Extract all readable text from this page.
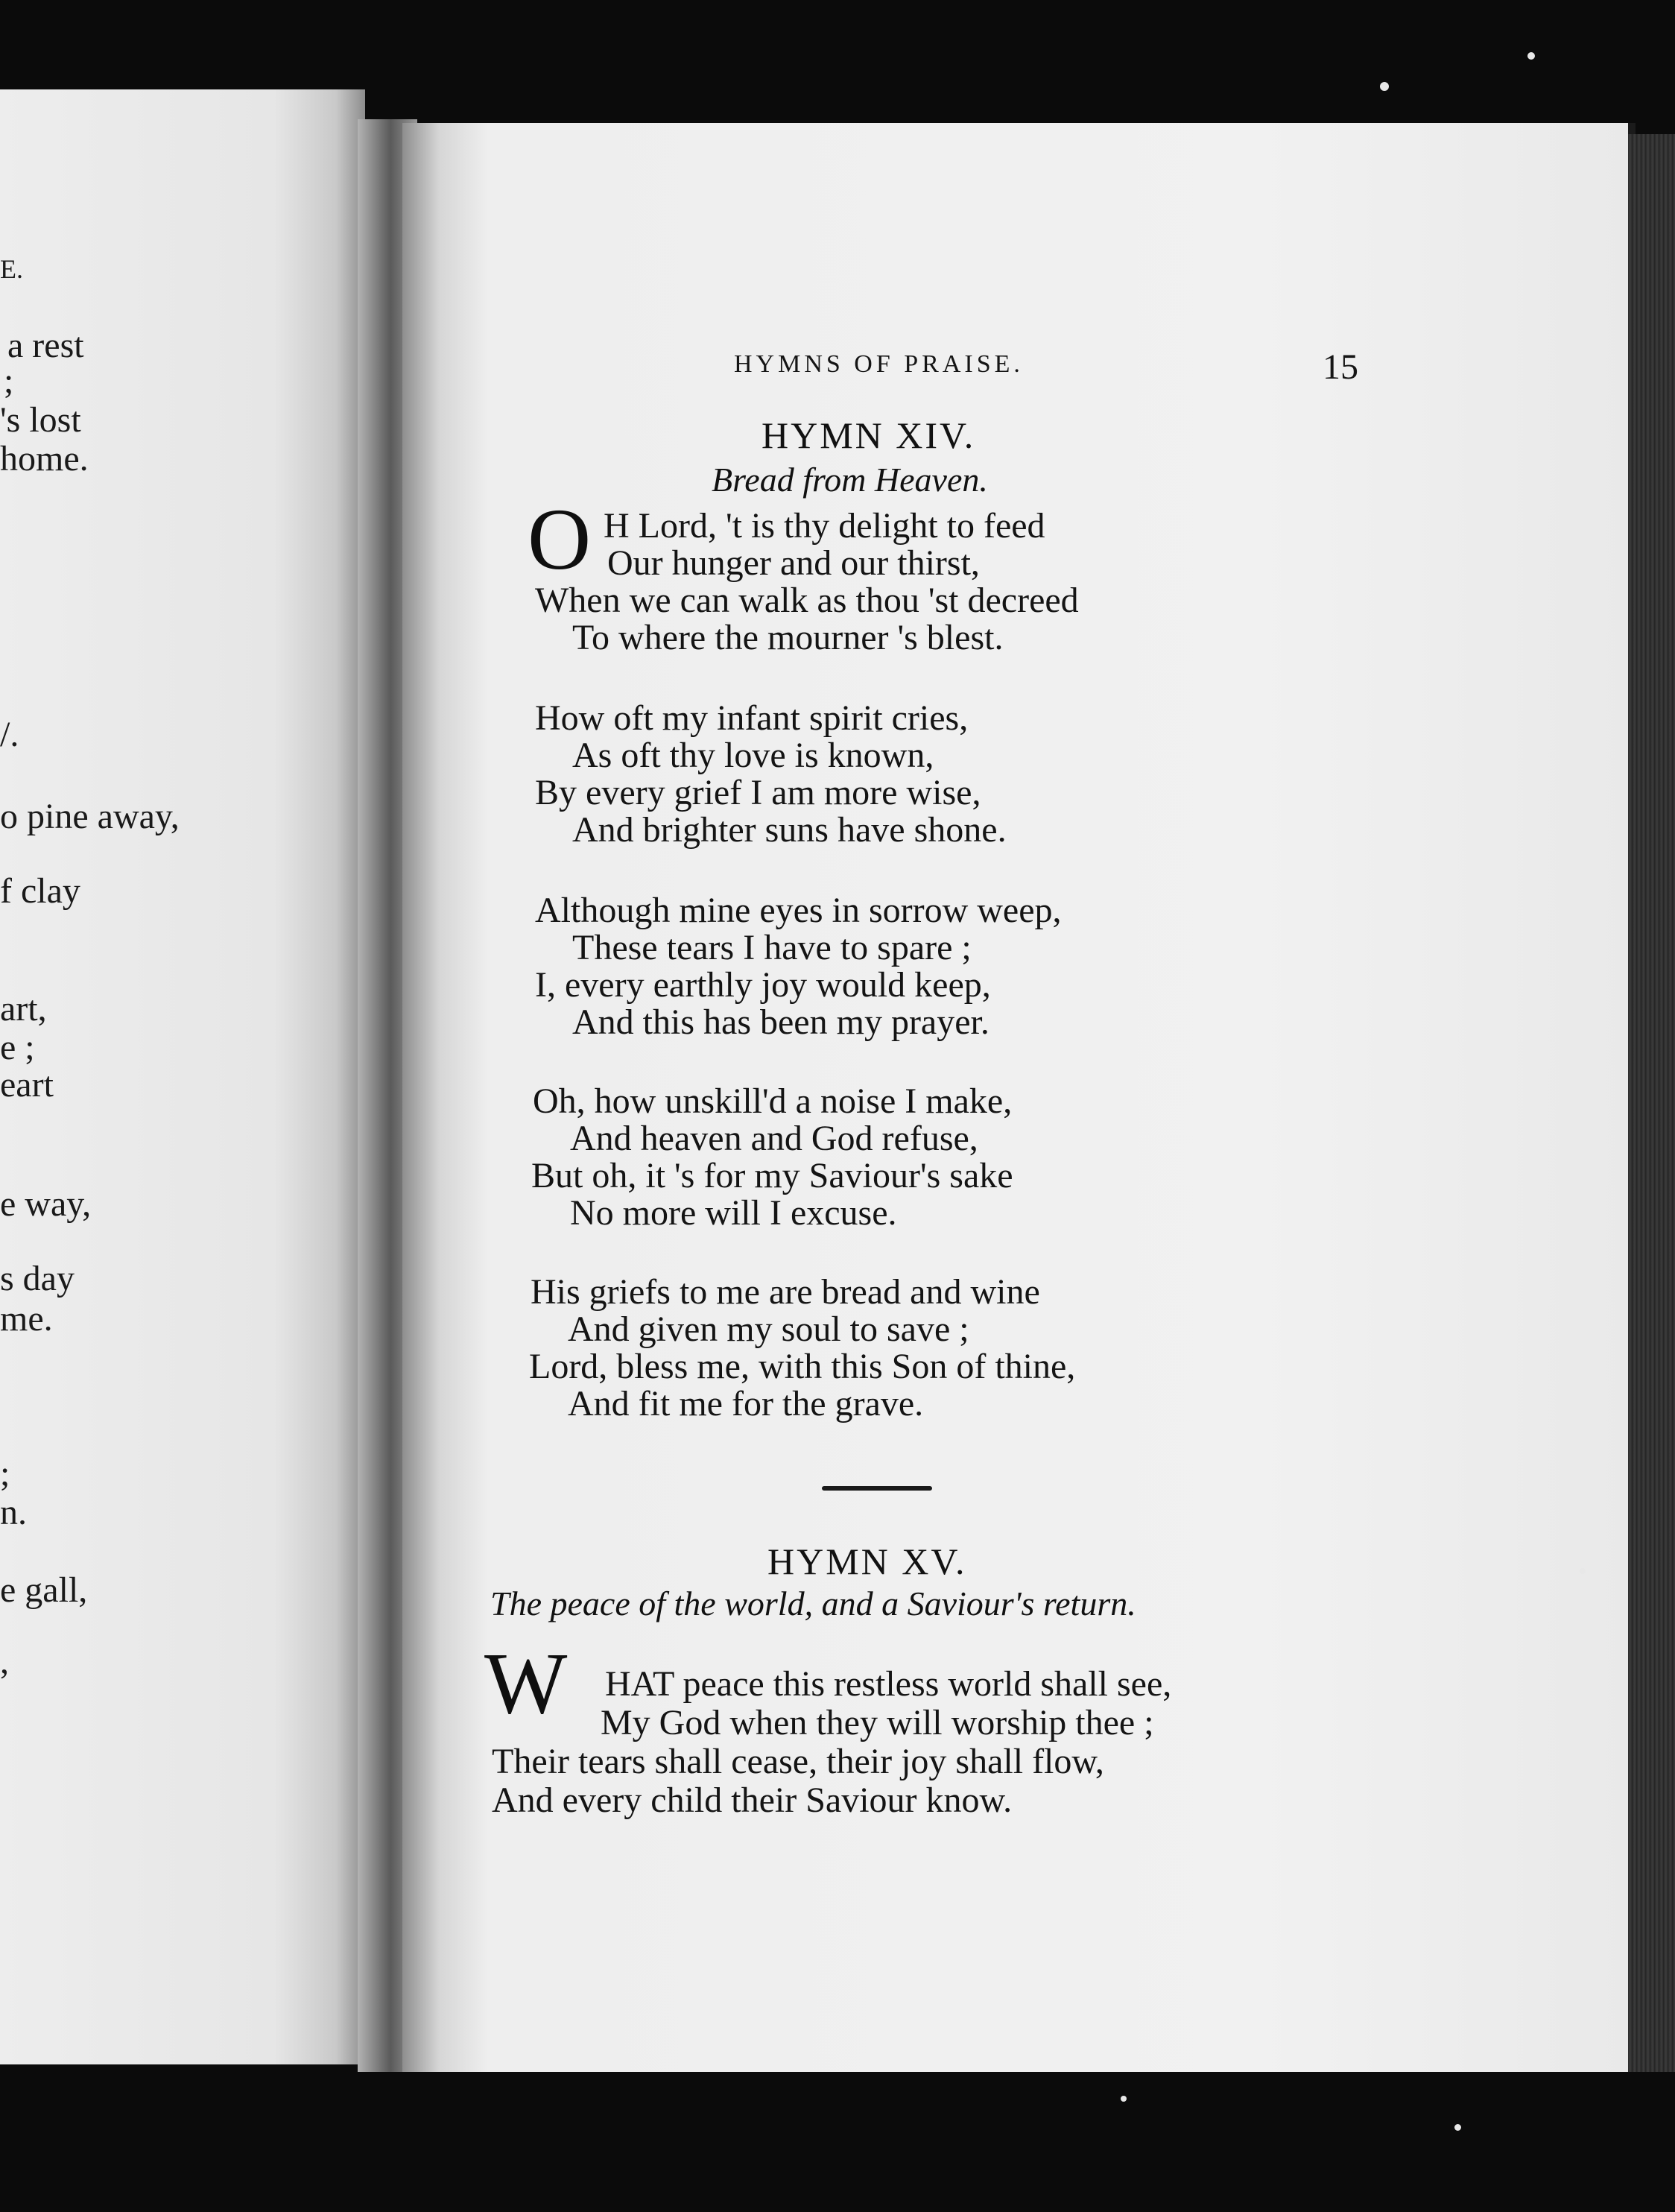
E.
a rest
;
's lost
home.
/.
o pine away,
f clay
art,
e ;
eart
e way,
s day
me.
;
n.
e gall,
,
HYMNS OF PRAISE.	15
HYMN XIV.
Bread from Heaven.
O H Lord, 't is thy delight to feed
Our hunger and our thirst,
When we can walk as thou 'st decreed
To where the mourner 's blest.
How oft my infant spirit cries,
As oft thy love is known,
By every grief I am more wise,
And brighter suns have shone.
Although mine eyes in sorrow weep,
These tears I have to spare ;
I, every earthly joy would keep,
And this has been my prayer.
Oh, how unskill'd a noise I make,
And heaven and God refuse,
But oh, it 's for my Saviour's sake
No more will I excuse.
His griefs to me are bread and wine
And given my soul to save ;
Lord, bless me, with this Son of thine,
And fit me for the grave.
HYMN XV.
The peace of the world, and a Saviour's return.
W HAT peace this restless world shall see,
My God when they will worship thee ;
Their tears shall cease, their joy shall flow,
And every child their Saviour know.
